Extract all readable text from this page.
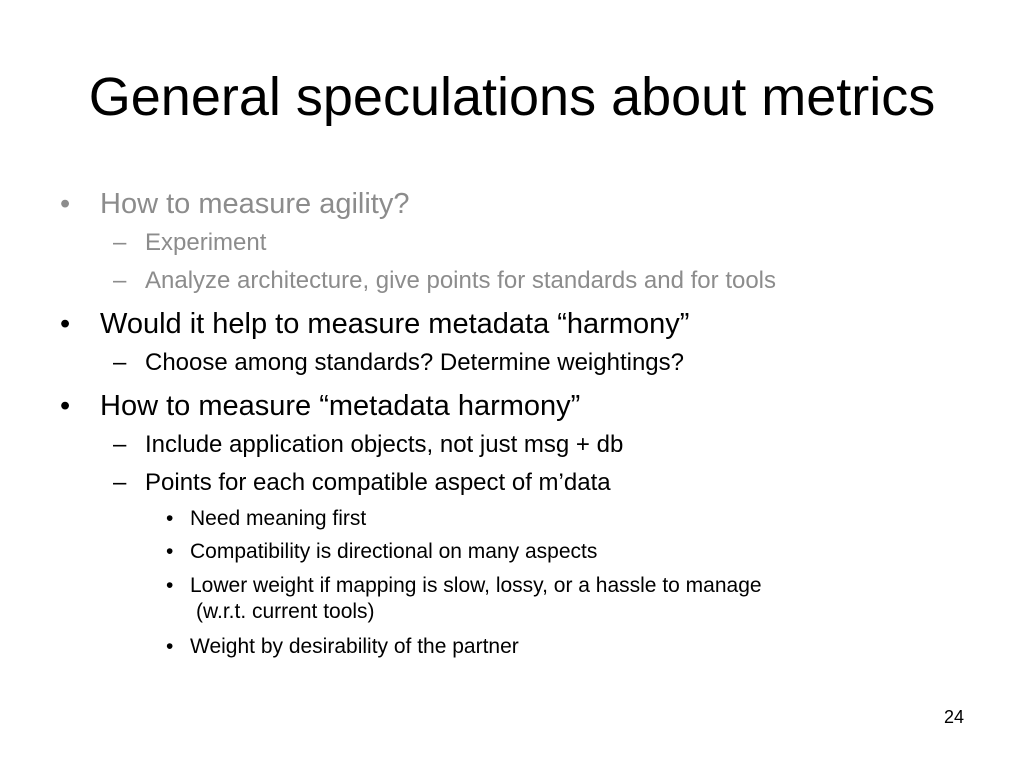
General speculations about metrics
• How to measure agility?
– Experiment
– Analyze architecture, give points for standards and for tools
• Would it help to measure metadata “harmony”
– Choose among standards? Determine weightings?
• How to measure “metadata harmony”
– Include application objects, not just msg + db
– Points for each compatible aspect of m’data
• Need meaning first
• Compatibility is directional on many aspects
• Lower weight if mapping is slow, lossy, or a hassle to manage
(w.r.t. current tools)
• Weight by desirability of the partner
24
